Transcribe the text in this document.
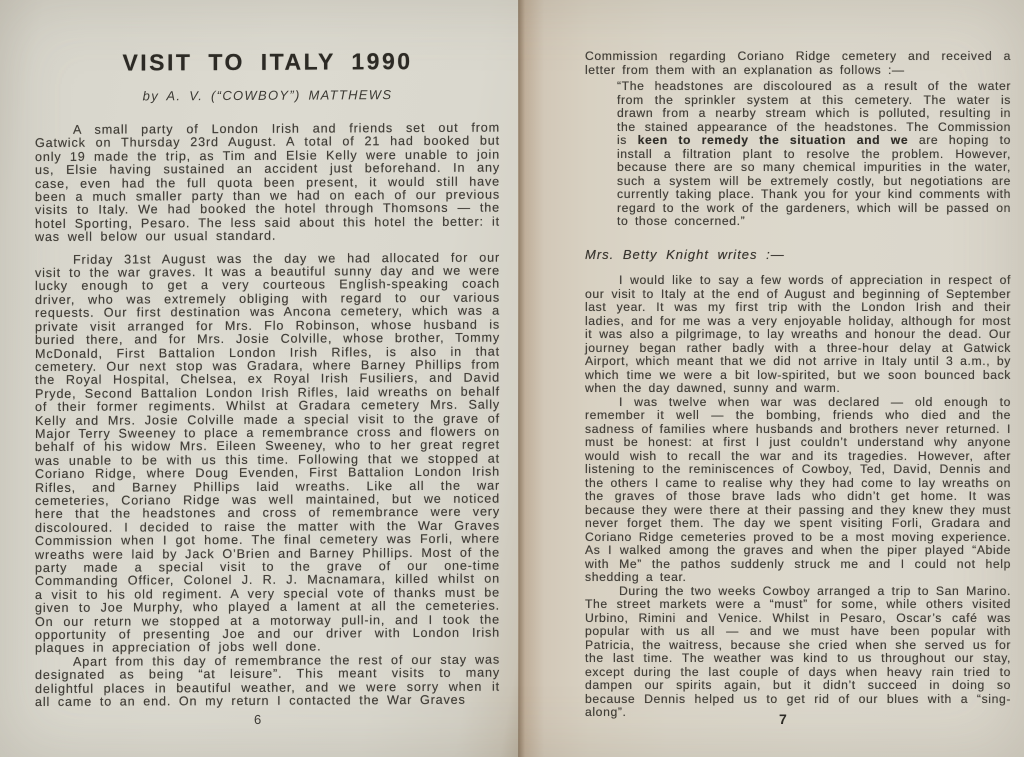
VISIT TO ITALY 1990
by A. V. (“COWBOY”) MATTHEWS

A small party of London Irish and friends set out from Gatwick on Thursday 23rd August. A total of 21 had booked but only 19 made the trip, as Tim and Elsie Kelly were unable to join us, Elsie having sustained an accident just beforehand. In any case, even had the full quota been present, it would still have been a much smaller party than we had on each of our previous visits to Italy. We had booked the hotel through Thomsons — the hotel Sporting, Pesaro. The less said about this hotel the better: it was well below our usual standard.

Friday 31st August was the day we had allocated for our visit to the war graves. It was a beautiful sunny day and we were lucky enough to get a very courteous English-speaking coach driver, who was extremely obliging with regard to our various requests. Our first destination was Ancona cemetery, which was a private visit arranged for Mrs. Flo Robinson, whose husband is buried there, and for Mrs. Josie Colville, whose brother, Tommy McDonald, First Battalion London Irish Rifles, is also in that cemetery. Our next stop was Gradara, where Barney Phillips from the Royal Hospital, Chelsea, ex Royal Irish Fusiliers, and David Pryde, Second Battalion London Irish Rifles, laid wreaths on behalf of their former regiments. Whilst at Gradara cemetery Mrs. Sally Kelly and Mrs. Josie Colville made a special visit to the grave of Major Terry Sweeney to place a remembrance cross and flowers on behalf of his widow Mrs. Eileen Sweeney, who to her great regret was unable to be with us this time. Following that we stopped at Coriano Ridge, where Doug Evenden, First Battalion London Irish Rifles, and Barney Phillips laid wreaths. Like all the war cemeteries, Coriano Ridge was well maintained, but we noticed here that the headstones and cross of remembrance were very discoloured. I decided to raise the matter with the War Graves Commission when I got home. The final cemetery was Forli, where wreaths were laid by Jack O’Brien and Barney Phillips. Most of the party made a special visit to the grave of our one-time Commanding Officer, Colonel J. R. J. Macnamara, killed whilst on a visit to his old regiment. A very special vote of thanks must be given to Joe Murphy, who played a lament at all the cemeteries. On our return we stopped at a motorway pull-in, and I took the opportunity of presenting Joe and our driver with London Irish plaques in appreciation of jobs well done.

Apart from this day of remembrance the rest of our stay was designated as being “at leisure”. This meant visits to many delightful places in beautiful weather, and we were sorry when it all came to an end. On my return I contacted the War Graves

6

Commission regarding Coriano Ridge cemetery and received a letter from them with an explanation as follows :—

“The headstones are discoloured as a result of the water from the sprinkler system at this cemetery. The water is drawn from a nearby stream which is polluted, resulting in the stained appearance of the headstones. The Commission is keen to remedy the situation and we are hoping to install a filtration plant to resolve the problem. However, because there are so many chemical impurities in the water, such a system will be extremely costly, but negotiations are currently taking place. Thank you for your kind comments with regard to the work of the gardeners, which will be passed on to those concerned.”
Mrs. Betty Knight writes :—

I would like to say a few words of appreciation in respect of our visit to Italy at the end of August and beginning of September last year. It was my first trip with the London Irish and their ladies, and for me was a very enjoyable holiday, although for most it was also a pilgrimage, to lay wreaths and honour the dead. Our journey began rather badly with a three-hour delay at Gatwick Airport, which meant that we did not arrive in Italy until 3 a.m., by which time we were a bit low-spirited, but we soon bounced back when the day dawned, sunny and warm.

I was twelve when war was declared — old enough to remember it well — the bombing, friends who died and the sadness of families where husbands and brothers never returned. I must be honest: at first I just couldn’t understand why anyone would wish to recall the war and its tragedies. However, after listening to the reminiscences of Cowboy, Ted, David, Dennis and the others I came to realise why they had come to lay wreaths on the graves of those brave lads who didn’t get home. It was because they were there at their passing and they knew they must never forget them. The day we spent visiting Forli, Gradara and Coriano Ridge cemeteries proved to be a most moving experience. As I walked among the graves and when the piper played “Abide with Me” the pathos suddenly struck me and I could not help shedding a tear.

During the two weeks Cowboy arranged a trip to San Marino. The street markets were a “must” for some, while others visited Urbino, Rimini and Venice. Whilst in Pesaro, Oscar’s café was popular with us all — and we must have been popular with Patricia, the waitress, because she cried when she served us for the last time. The weather was kind to us throughout our stay, except during the last couple of days when heavy rain tried to dampen our spirits again, but it didn’t succeed in doing so because Dennis helped us to get rid of our blues with a “sing-along”.	7
